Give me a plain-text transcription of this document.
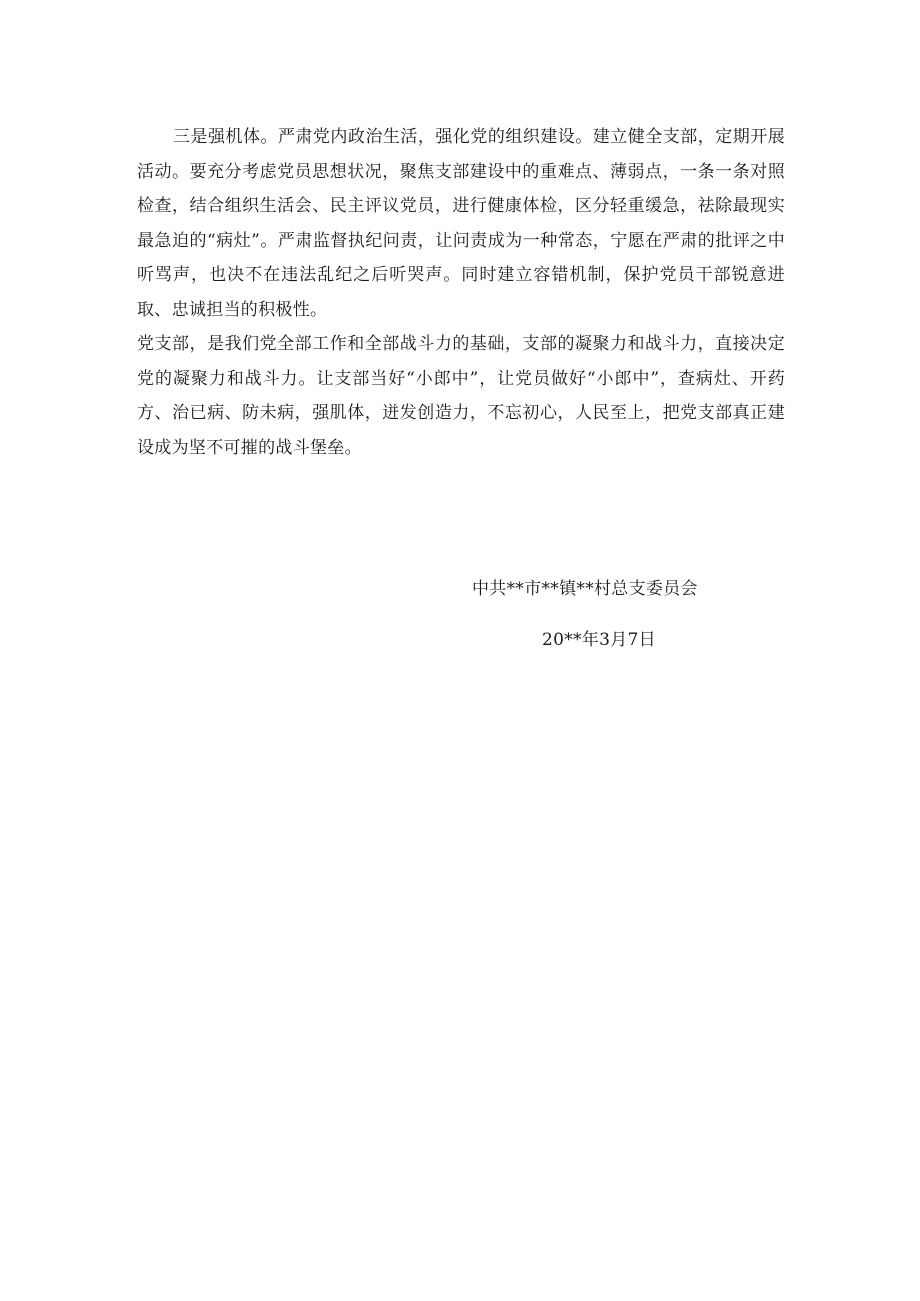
三是强机体。严肃党内政治生活，强化党的组织建设。建立健全支部，定期开展活动。要充分考虑党员思想状况，聚焦支部建设中的重难点、薄弱点，一条一条对照检查，结合组织生活会、民主评议党员，进行健康体检，区分轻重缓急，祛除最现实最急迫的“病灶”。严肃监督执纪问责，让问责成为一种常态，宁愿在严肃的批评之中听骂声，也决不在违法乱纪之后听哭声。同时建立容错机制，保护党员干部锐意进取、忠诚担当的积极性。

党支部，是我们党全部工作和全部战斗力的基础，支部的凝聚力和战斗力，直接决定党的凝聚力和战斗力。让支部当好“小郎中”，让党员做好“小郎中”，查病灶、开药方、治已病、防未病，强肌体，迸发创造力，不忘初心，人民至上，把党支部真正建设成为坚不可摧的战斗堡垒。

中共**市**镇**村总支委员会
20**年3月7日
